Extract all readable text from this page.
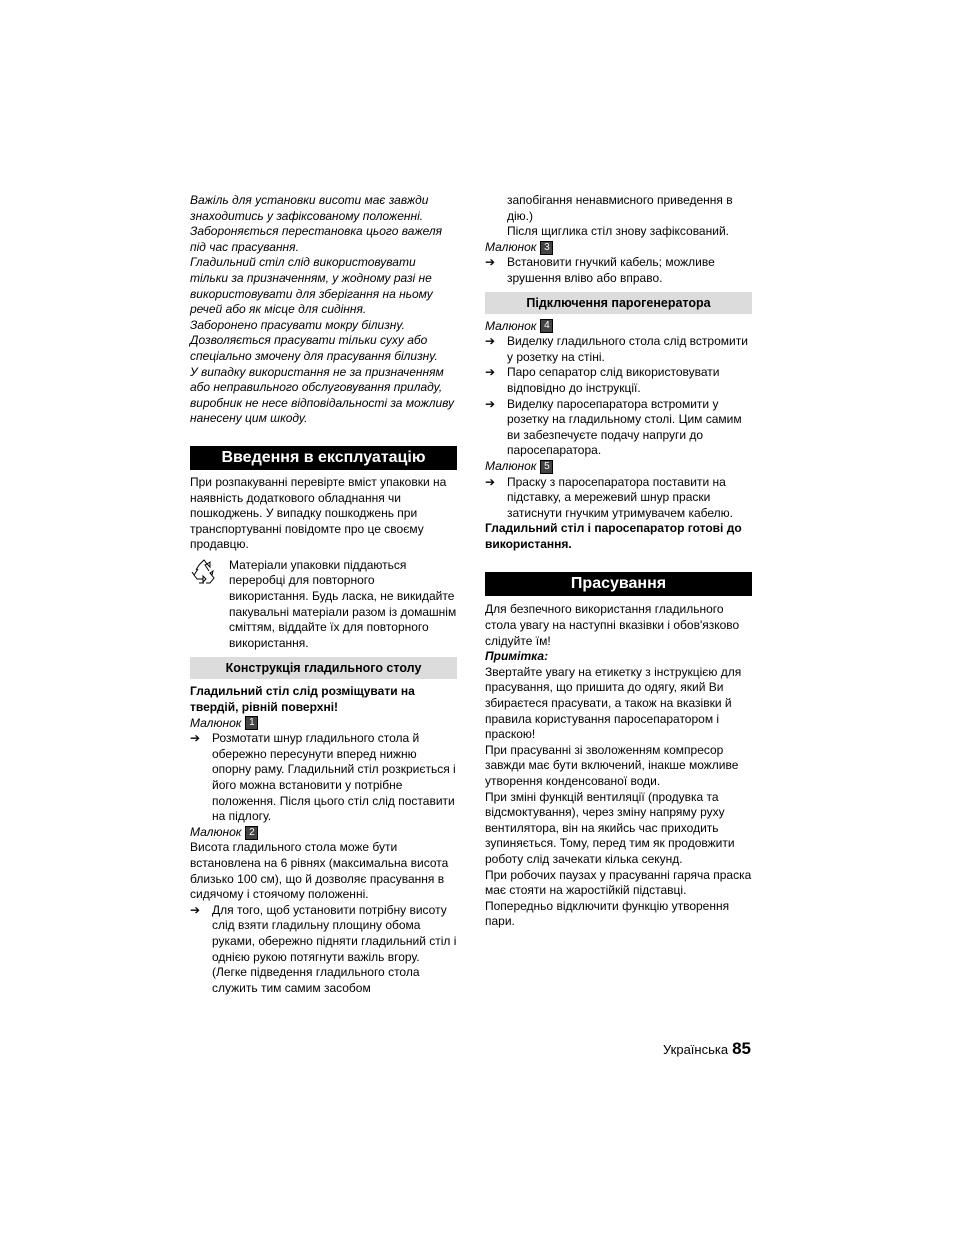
Важіль для установки висоти має завжди знаходитись у зафіксованому положенні.

Забороняється перестановка цього важеля під час прасування.

Гладильний стіл слід використовувати тільки за призначенням, у жодному разі не використовувати для зберігання на ньому речей або як місце для сидіння.

Заборонено прасувати мокру білизну.

Дозволяється прасувати тільки суху або спеціально змочену для прасування білизну.

У випадку використання не за призначенням або неправильного обслуговування приладу, виробник не несе відповідальності за можливу нанесену цим шкоду.

Введення в експлуатацію

При розпакуванні перевірте вміст упаковки на наявність додаткового обладнання чи пошкоджень. У випадку пошкоджень при транспортуванні повідомте про це своєму продавцю.

Матеріали упаковки піддаються переробці для повторного використання. Будь ласка, не викидайте пакувальні матеріали разом із домашнім сміттям, віддайте їх для повторного використання.
Конструкція гладильного столу

Гладильний стіл слід розміщувати на твердій, рівній поверхні!

Малюнок 1
➔ Розмотати шнур гладильного стола й обережно пересунути вперед нижню опорну раму. Гладильний стіл розкриється і його можна встановити у потрібне положення. Після цього стіл слід поставити на підлогу.
Малюнок 2

Висота гладильного стола може бути встановлена на 6 рівнях (максимальна висота близько 100 см), що й дозволяє прасування в сидячому і стоячому положенні.

➔ Для того, щоб установити потрібну висоту слід взяти гладильну площину обома руками, обережно підняти гладильний стіл і однією рукою потягнути важіль вгору. (Легке підведення гладильного стола служить тим самим засобом

запобігання ненавмисного приведення в дію.)

Після щиглика стіл знову зафіксований.

Малюнок 3
➔ Встановити гнучкий кабель; можливе зрушення вліво або вправо.
Підключення парогенератора
Малюнок 4
➔ Виделку гладильного стола слід встромити у розетку на стіні.
➔ Паро сепаратор слід використовувати відповідно до інструкції.
➔ Виделку паросепаратора встромити у розетку на гладильному столі. Цим самим ви забезпечуєте подачу напруги до паросепаратора.
Малюнок 5
➔ Праску з паросепаратора поставити на підставку, а мережевий шнур праски затиснути гнучким утримувачем кабелю.

Гладильний стіл і паросепаратор готові до використання.

Прасування

Для безпечного використання гладильного стола увагу на наступні вказівки і обов'язково слідуйте їм!

Примітка:

Звертайте увагу на етикетку з інструкцією для прасування, що пришита до одягу, який Ви збираєтеся прасувати, а також на вказівки й правила користування паросепаратором і праскою!

При прасуванні зі зволоженням компресор завжди має бути включений, інакше можливе утворення конденсованої води.

При зміні функцій вентиляції (продувка та відсмоктування), через зміну напряму руху вентилятора, він на якийсь час приходить зупиняється. Тому, перед тим як продовжити роботу слід зачекати кілька секунд.

При робочих паузах у прасуванні гаряча праска має стояти на жаростійкій підставці.

Попередньо відключити функцію утворення пари.

Українська 85
